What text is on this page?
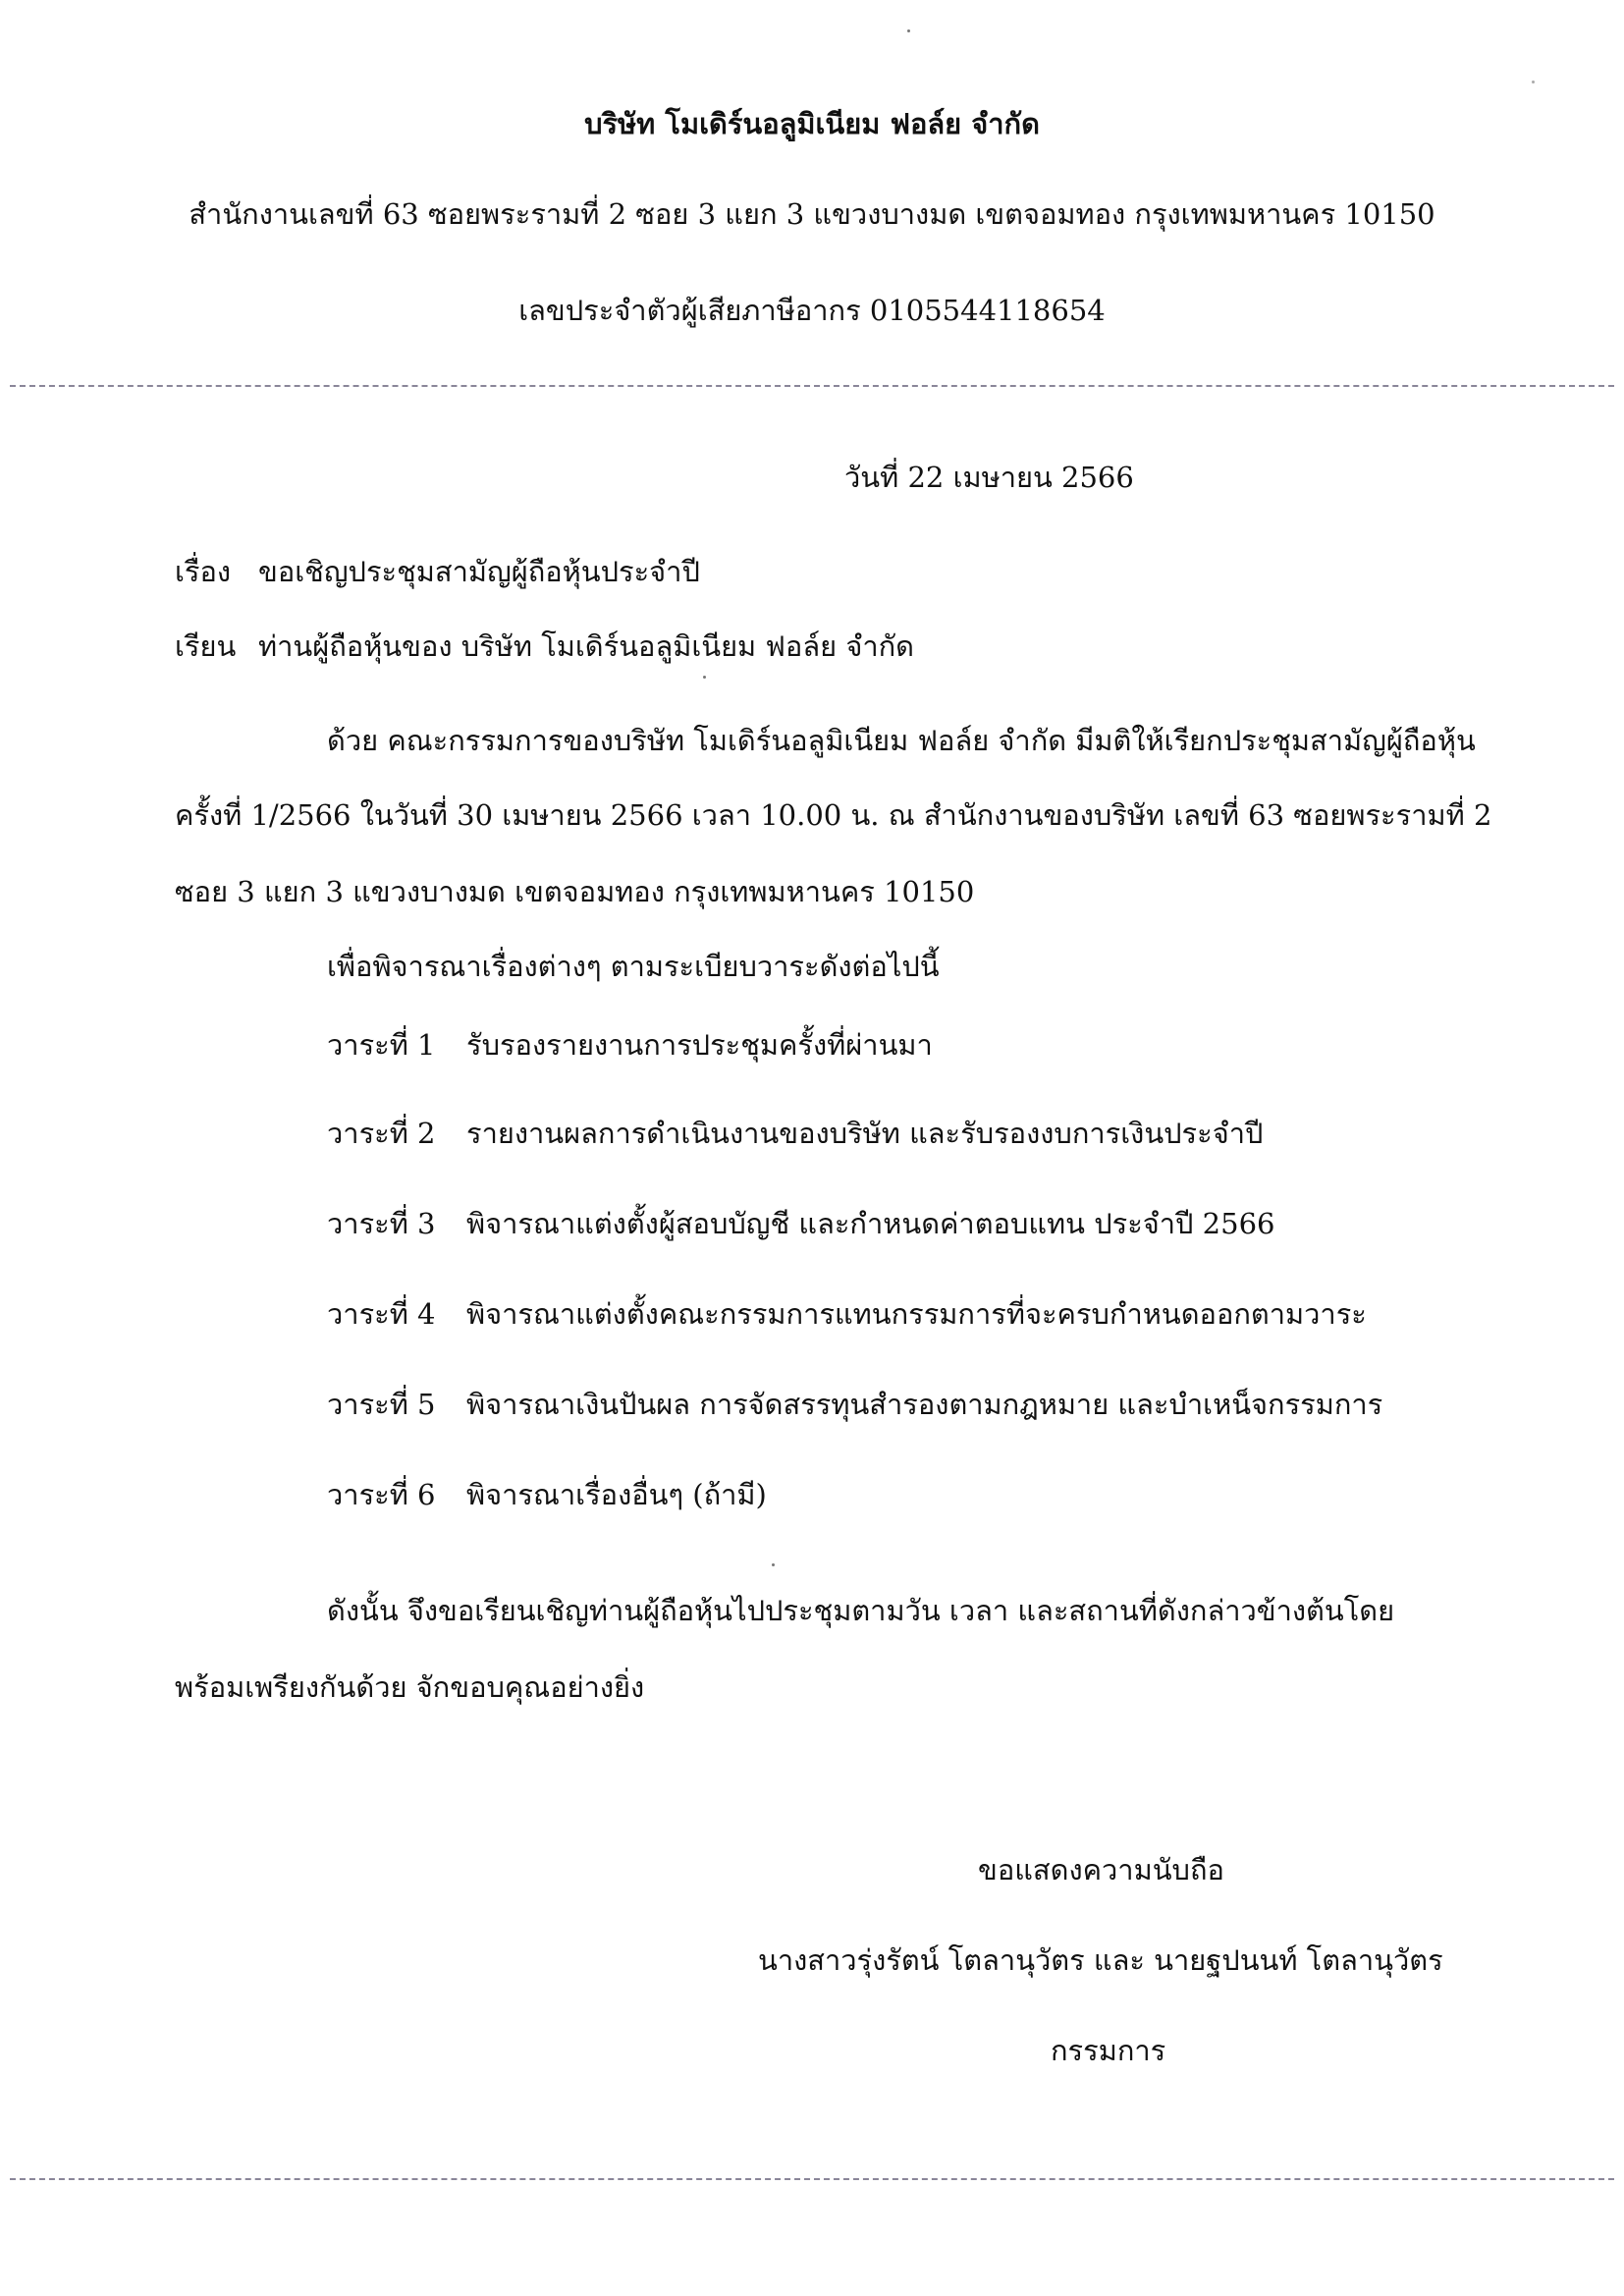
บริษัท โมเดิร์นอลูมิเนียม ฟอล์ย จำกัด
สำนักงานเลขที่ 63 ซอยพระรามที่ 2 ซอย 3 แยก 3 แขวงบางมด เขตจอมทอง กรุงเทพมหานคร 10150
เลขประจำตัวผู้เสียภาษีอากร 0105544118654
วันที่ 22 เมษายน 2566
เรื่อง ขอเชิญประชุมสามัญผู้ถือหุ้นประจำปี
เรียน ท่านผู้ถือหุ้นของ บริษัท โมเดิร์นอลูมิเนียม ฟอล์ย จำกัด
ด้วย คณะกรรมการของบริษัท โมเดิร์นอลูมิเนียม ฟอล์ย จำกัด มีมติให้เรียกประชุมสามัญผู้ถือหุ้น
ครั้งที่ 1/2566 ในวันที่ 30 เมษายน 2566 เวลา 10.00 น. ณ สำนักงานของบริษัท เลขที่ 63 ซอยพระรามที่ 2
ซอย 3 แยก 3 แขวงบางมด เขตจอมทอง กรุงเทพมหานคร 10150
เพื่อพิจารณาเรื่องต่างๆ ตามระเบียบวาระดังต่อไปนี้
วาระที่ 1 รับรองรายงานการประชุมครั้งที่ผ่านมา
วาระที่ 2 รายงานผลการดำเนินงานของบริษัท และรับรองงบการเงินประจำปี
วาระที่ 3 พิจารณาแต่งตั้งผู้สอบบัญชี และกำหนดค่าตอบแทน ประจำปี 2566
วาระที่ 4 พิจารณาแต่งตั้งคณะกรรมการแทนกรรมการที่จะครบกำหนดออกตามวาระ
วาระที่ 5 พิจารณาเงินปันผล การจัดสรรทุนสำรองตามกฎหมาย และบำเหน็จกรรมการ
วาระที่ 6 พิจารณาเรื่องอื่นๆ (ถ้ามี)
ดังนั้น จึงขอเรียนเชิญท่านผู้ถือหุ้นไปประชุมตามวัน เวลา และสถานที่ดังกล่าวข้างต้นโดย
พร้อมเพรียงกันด้วย จักขอบคุณอย่างยิ่ง
ขอแสดงความนับถือ
นางสาวรุ่งรัตน์ โตลานุวัตร และ นายฐปนนท์ โตลานุวัตร
กรรมการ
